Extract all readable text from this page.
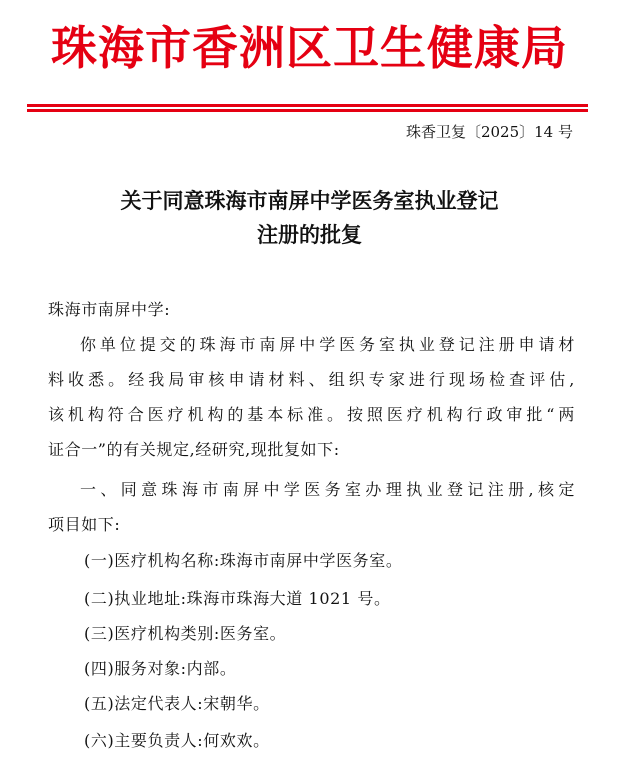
珠海市香洲区卫生健康局
珠香卫复〔2025〕14 号
关于同意珠海市南屏中学医务室执业登记
注册的批复
珠海市南屏中学:
你单位提交的珠海市南屏中学医务室执业登记注册申请材
料收悉。经我局审核申请材料、组织专家进行现场检查评估,
该机构符合医疗机构的基本标准。按照医疗机构行政审批“两
证合一”的有关规定,经研究,现批复如下:
一、同意珠海市南屏中学医务室办理执业登记注册,核定
项目如下:
(一)医疗机构名称:珠海市南屏中学医务室。
(二)执业地址:珠海市珠海大道 1021 号。
(三)医疗机构类别:医务室。
(四)服务对象:内部。
(五)法定代表人:宋朝华。
(六)主要负责人:何欢欢。
